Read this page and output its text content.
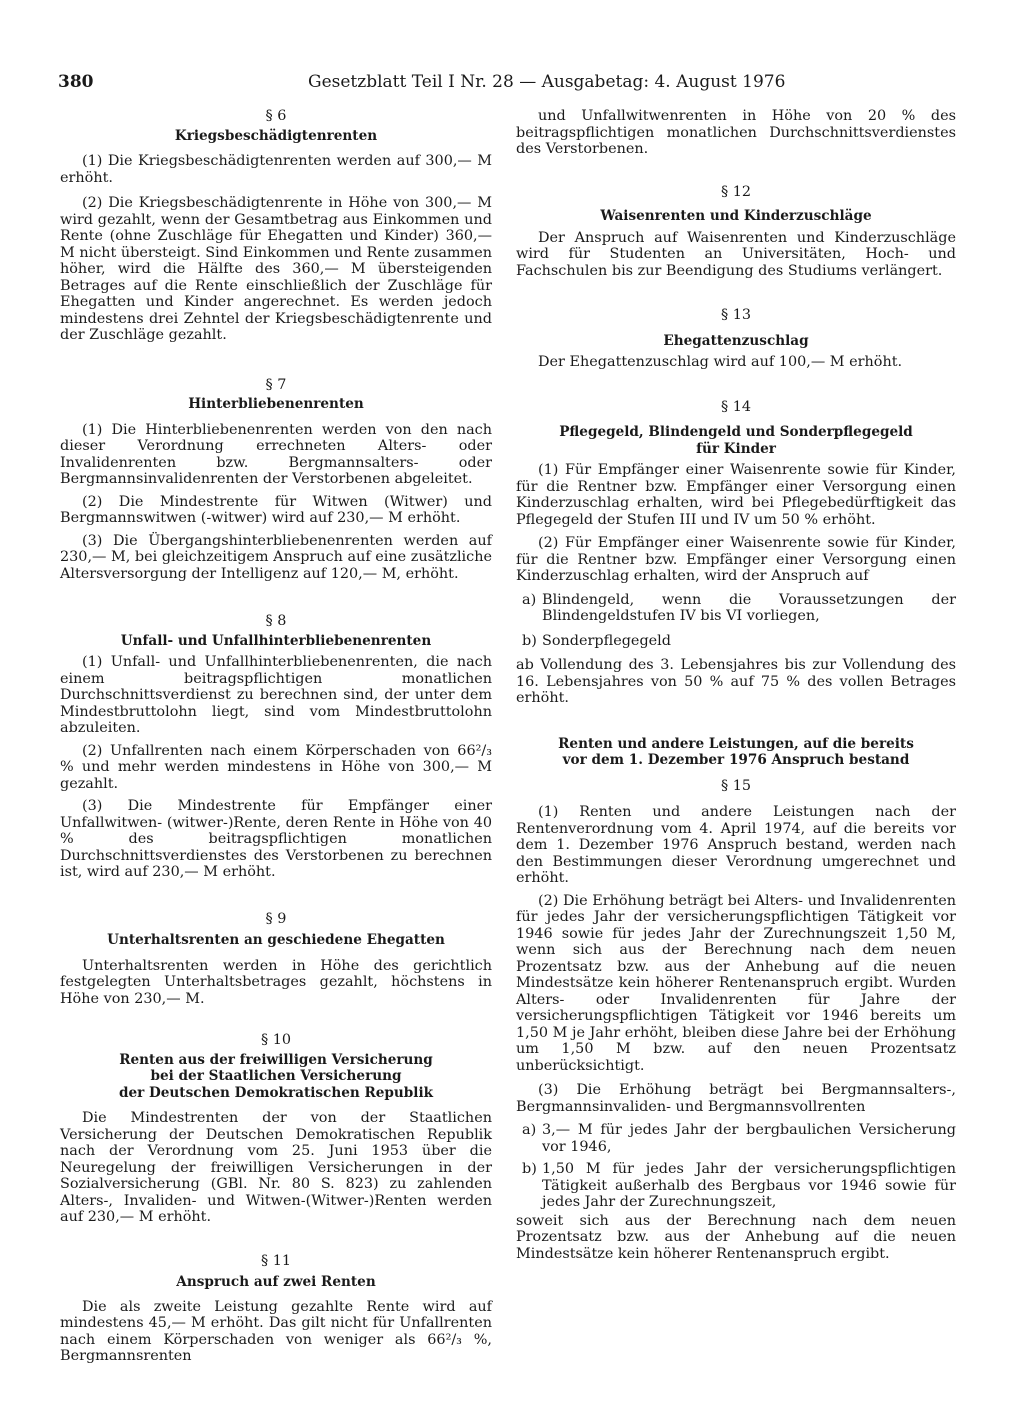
380	Gesetzblatt Teil I Nr. 28 — Ausgabetag: 4. August 1976

§ 6

Kriegsbeschädigtenrenten

(1) Die Kriegsbeschädigtenrenten werden auf 300,— M erhöht.

(2) Die Kriegsbeschädigtenrente in Höhe von 300,— M wird gezahlt, wenn der Gesamtbetrag aus Einkommen und Rente (ohne Zuschläge für Ehegatten und Kinder) 360,— M nicht übersteigt. Sind Einkommen und Rente zusammen höher, wird die Hälfte des 360,— M übersteigenden Betrages auf die Rente einschließlich der Zuschläge für Ehegatten und Kinder angerechnet. Es werden jedoch mindestens drei Zehntel der Kriegsbeschädigtenrente und der Zuschläge gezahlt.

§ 7

Hinterbliebenenrenten

(1) Die Hinterbliebenenrenten werden von den nach dieser Verordnung errechneten Alters- oder Invalidenrenten bzw. Bergmannsalters- oder Bergmannsinvalidenrenten der Verstorbenen abgeleitet.

(2) Die Mindestrente für Witwen (Witwer) und Bergmannswitwen (-witwer) wird auf 230,— M erhöht.

(3) Die Übergangshinterbliebenenrenten werden auf 230,— M, bei gleichzeitigem Anspruch auf eine zusätzliche Altersversorgung der Intelligenz auf 120,— M, erhöht.

§ 8

Unfall- und Unfallhinterbliebenenrenten

(1) Unfall- und Unfallhinterbliebenenrenten, die nach einem beitragspflichtigen monatlichen Durchschnittsverdienst zu berechnen sind, der unter dem Mindestbruttolohn liegt, sind vom Mindestbruttolohn abzuleiten.

(2) Unfallrenten nach einem Körperschaden von 66²/₃ % und mehr werden mindestens in Höhe von 300,— M gezahlt.

(3) Die Mindestrente für Empfänger einer Unfallwitwen- (witwer-)Rente, deren Rente in Höhe von 40 % des beitragspflichtigen monatlichen Durchschnittsverdienstes des Verstorbenen zu berechnen ist, wird auf 230,— M erhöht.

§ 9

Unterhaltsrenten an geschiedene Ehegatten

Unterhaltsrenten werden in Höhe des gerichtlich festgelegten Unterhaltsbetrages gezahlt, höchstens in Höhe von 230,— M.

§ 10

Renten aus der freiwilligen Versicherung

bei der Staatlichen Versicherung

der Deutschen Demokratischen Republik

Die Mindestrenten der von der Staatlichen Versicherung der Deutschen Demokratischen Republik nach der Verordnung vom 25. Juni 1953 über die Neuregelung der freiwilligen Versicherungen in der Sozialversicherung (GBl. Nr. 80 S. 823) zu zahlenden Alters-, Invaliden- und Witwen-(Witwer-)Renten werden auf 230,— M erhöht.

§ 11

Anspruch auf zwei Renten

Die als zweite Leistung gezahlte Rente wird auf mindestens 45,— M erhöht. Das gilt nicht für Unfallrenten nach einem Körperschaden von weniger als 66²/₃ %, Bergmannsrenten

und Unfallwitwenrenten in Höhe von 20 % des beitragspflichtigen monatlichen Durchschnittsverdienstes des Verstorbenen.

§ 12

Waisenrenten und Kinderzuschläge

Der Anspruch auf Waisenrenten und Kinderzuschläge wird für Studenten an Universitäten, Hoch- und Fachschulen bis zur Beendigung des Studiums verlängert.

§ 13

Ehegattenzuschlag

Der Ehegattenzuschlag wird auf 100,— M erhöht.

§ 14

Pflegegeld, Blindengeld und Sonderpflegegeld

für Kinder

(1) Für Empfänger einer Waisenrente sowie für Kinder, für die Rentner bzw. Empfänger einer Versorgung einen Kinderzuschlag erhalten, wird bei Pflegebedürftigkeit das Pflegegeld der Stufen III und IV um 50 % erhöht.

(2) Für Empfänger einer Waisenrente sowie für Kinder, für die Rentner bzw. Empfänger einer Versorgung einen Kinderzuschlag erhalten, wird der Anspruch auf

a) Blindengeld, wenn die Voraussetzungen der Blindengeldstufen IV bis VI vorliegen,
b) Sonderpflegegeld

ab Vollendung des 3. Lebensjahres bis zur Vollendung des 16. Lebensjahres von 50 % auf 75 % des vollen Betrages erhöht.

Renten und andere Leistungen, auf die bereits

vor dem 1. Dezember 1976 Anspruch bestand

§ 15

(1) Renten und andere Leistungen nach der Rentenverordnung vom 4. April 1974, auf die bereits vor dem 1. Dezember 1976 Anspruch bestand, werden nach den Bestimmungen dieser Verordnung umgerechnet und erhöht.

(2) Die Erhöhung beträgt bei Alters- und Invalidenrenten für jedes Jahr der versicherungspflichtigen Tätigkeit vor 1946 sowie für jedes Jahr der Zurechnungszeit 1,50 M, wenn sich aus der Berechnung nach dem neuen Prozentsatz bzw. aus der Anhebung auf die neuen Mindestsätze kein höherer Rentenanspruch ergibt. Wurden Alters- oder Invalidenrenten für Jahre der versicherungspflichtigen Tätigkeit vor 1946 bereits um 1,50 M je Jahr erhöht, bleiben diese Jahre bei der Erhöhung um 1,50 M bzw. auf den neuen Prozentsatz unberücksichtigt.

(3) Die Erhöhung beträgt bei Bergmannsalters-, Bergmannsinvaliden- und Bergmannsvollrenten

a) 3,— M für jedes Jahr der bergbaulichen Versicherung vor 1946,
b) 1,50 M für jedes Jahr der versicherungspflichtigen Tätigkeit außerhalb des Bergbaus vor 1946 sowie für jedes Jahr der Zurechnungszeit,

soweit sich aus der Berechnung nach dem neuen Prozentsatz bzw. aus der Anhebung auf die neuen Mindestsätze kein höherer Rentenanspruch ergibt.
